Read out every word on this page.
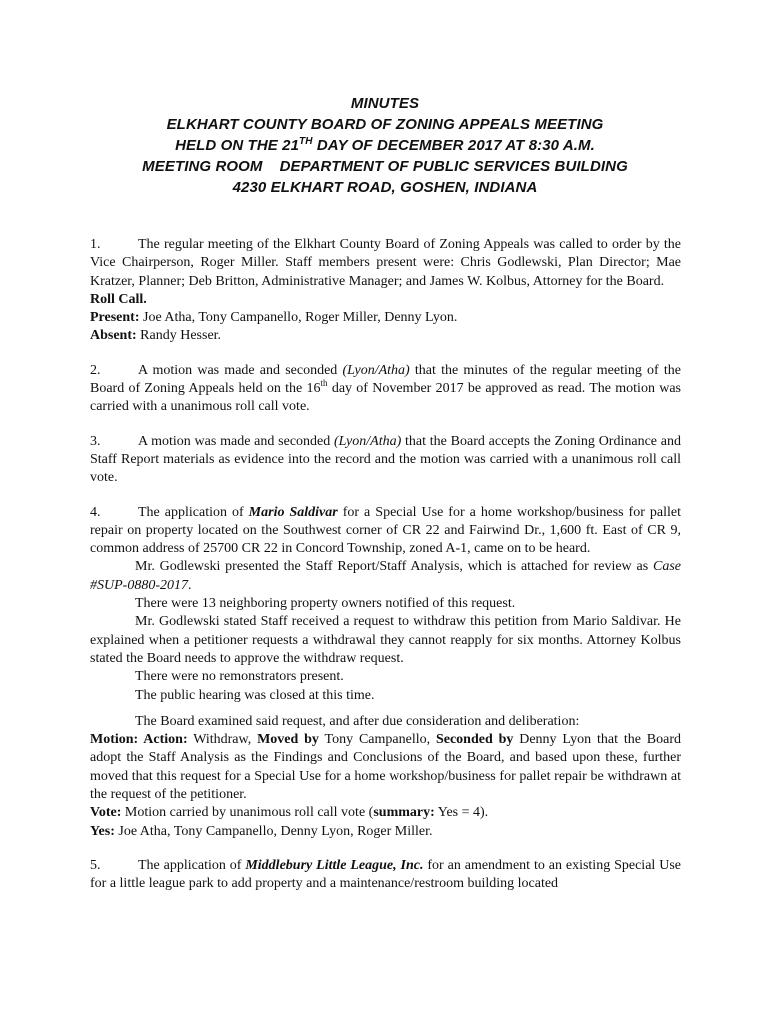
MINUTES
ELKHART COUNTY BOARD OF ZONING APPEALS MEETING
HELD ON THE 21TH DAY OF DECEMBER 2017 AT 8:30 A.M.
MEETING ROOM    DEPARTMENT OF PUBLIC SERVICES BUILDING
4230 ELKHART ROAD, GOSHEN, INDIANA

1.	The regular meeting of the Elkhart County Board of Zoning Appeals was called to order by the Vice Chairperson, Roger Miller. Staff members present were: Chris Godlewski, Plan Director; Mae Kratzer, Planner; Deb Britton, Administrative Manager; and James W. Kolbus, Attorney for the Board.
Roll Call.
Present: Joe Atha, Tony Campanello, Roger Miller, Denny Lyon.
Absent: Randy Hesser.

2.	A motion was made and seconded (Lyon/Atha) that the minutes of the regular meeting of the Board of Zoning Appeals held on the 16th day of November 2017 be approved as read. The motion was carried with a unanimous roll call vote.

3.	A motion was made and seconded (Lyon/Atha) that the Board accepts the Zoning Ordinance and Staff Report materials as evidence into the record and the motion was carried with a unanimous roll call vote.

4.	The application of Mario Saldivar for a Special Use for a home workshop/business for pallet repair on property located on the Southwest corner of CR 22 and Fairwind Dr., 1,600 ft. East of CR 9, common address of 25700 CR 22 in Concord Township, zoned A-1, came on to be heard.
Mr. Godlewski presented the Staff Report/Staff Analysis, which is attached for review as Case #SUP-0880-2017.
There were 13 neighboring property owners notified of this request.
Mr. Godlewski stated Staff received a request to withdraw this petition from Mario Saldivar. He explained when a petitioner requests a withdrawal they cannot reapply for six months. Attorney Kolbus stated the Board needs to approve the withdraw request.
There were no remonstrators present.
The public hearing was closed at this time.

The Board examined said request, and after due consideration and deliberation:
Motion: Action: Withdraw, Moved by Tony Campanello, Seconded by Denny Lyon that the Board adopt the Staff Analysis as the Findings and Conclusions of the Board, and based upon these, further moved that this request for a Special Use for a home workshop/business for pallet repair be withdrawn at the request of the petitioner.
Vote: Motion carried by unanimous roll call vote (summary: Yes = 4).
Yes: Joe Atha, Tony Campanello, Denny Lyon, Roger Miller.

5.	The application of Middlebury Little League, Inc. for an amendment to an existing Special Use for a little league park to add property and a maintenance/restroom building located
